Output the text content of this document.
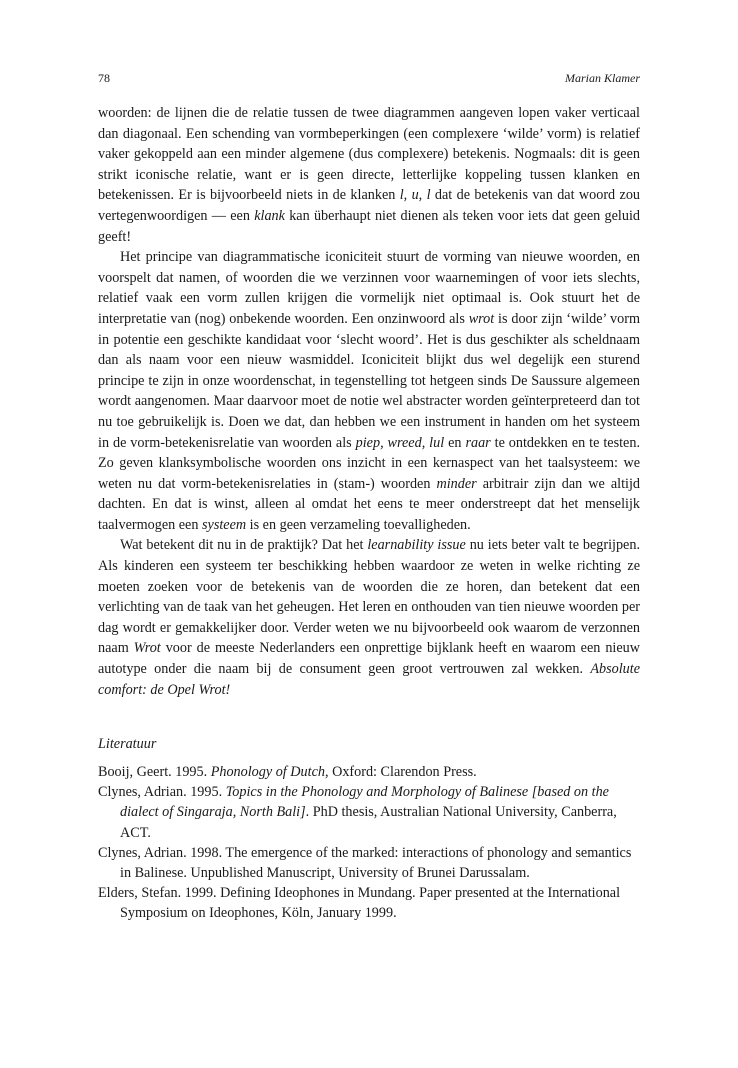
78	Marian Klamer

woorden: de lijnen die de relatie tussen de twee diagrammen aangeven lopen vaker verticaal dan diagonaal. Een schending van vormbeperkingen (een complexere ‘wilde’ vorm) is relatief vaker gekoppeld aan een minder algemene (dus complexere) betekenis. Nogmaals: dit is geen strikt iconische relatie, want er is geen directe, letterlijke koppeling tussen klanken en betekenissen. Er is bijvoorbeeld niets in de klanken l, u, l dat de betekenis van dat woord zou vertegenwoordigen — een klank kan überhaupt niet dienen als teken voor iets dat geen geluid geeft!

Het principe van diagrammatische iconiciteit stuurt de vorming van nieuwe woorden, en voorspelt dat namen, of woorden die we verzinnen voor waarnemingen of voor iets slechts, relatief vaak een vorm zullen krijgen die vormelijk niet optimaal is. Ook stuurt het de interpretatie van (nog) onbekende woorden. Een onzinwoord als wrot is door zijn ‘wilde’ vorm in potentie een geschikte kandidaat voor ‘slecht woord’. Het is dus geschikter als scheldnaam dan als naam voor een nieuw wasmiddel. Iconiciteit blijkt dus wel degelijk een sturend principe te zijn in onze woordenschat, in tegenstelling tot hetgeen sinds De Saussure algemeen wordt aangenomen. Maar daarvoor moet de notie wel abstracter worden geïnterpreteerd dan tot nu toe gebruikelijk is. Doen we dat, dan hebben we een instrument in handen om het systeem in de vorm-betekenisrelatie van woorden als piep, wreed, lul en raar te ontdekken en te testen. Zo geven klanksymbolische woorden ons inzicht in een kernaspect van het taalsysteem: we weten nu dat vorm-betekenisrelaties in (stam-) woorden minder arbitrair zijn dan we altijd dachten. En dat is winst, alleen al omdat het eens te meer onderstreept dat het menselijk taalvermogen een systeem is en geen verzameling toevalligheden.

Wat betekent dit nu in de praktijk? Dat het learnability issue nu iets beter valt te begrijpen. Als kinderen een systeem ter beschikking hebben waardoor ze weten in welke richting ze moeten zoeken voor de betekenis van de woorden die ze horen, dan betekent dat een verlichting van de taak van het geheugen. Het leren en onthouden van tien nieuwe woorden per dag wordt er gemakkelijker door. Verder weten we nu bijvoorbeeld ook waarom de verzonnen naam Wrot voor de meeste Nederlanders een onprettige bijklank heeft en waarom een nieuw autotype onder die naam bij de consument geen groot vertrouwen zal wekken. Absolute comfort: de Opel Wrot!

Literatuur

Booij, Geert. 1995. Phonology of Dutch, Oxford: Clarendon Press.

Clynes, Adrian. 1995. Topics in the Phonology and Morphology of Balinese [based on the dialect of Singaraja, North Bali]. PhD thesis, Australian National University, Canberra, ACT.

Clynes, Adrian. 1998. The emergence of the marked: interactions of phonology and semantics in Balinese. Unpublished Manuscript, University of Brunei Darussalam.

Elders, Stefan. 1999. Defining Ideophones in Mundang. Paper presented at the International Symposium on Ideophones, Köln, January 1999.
